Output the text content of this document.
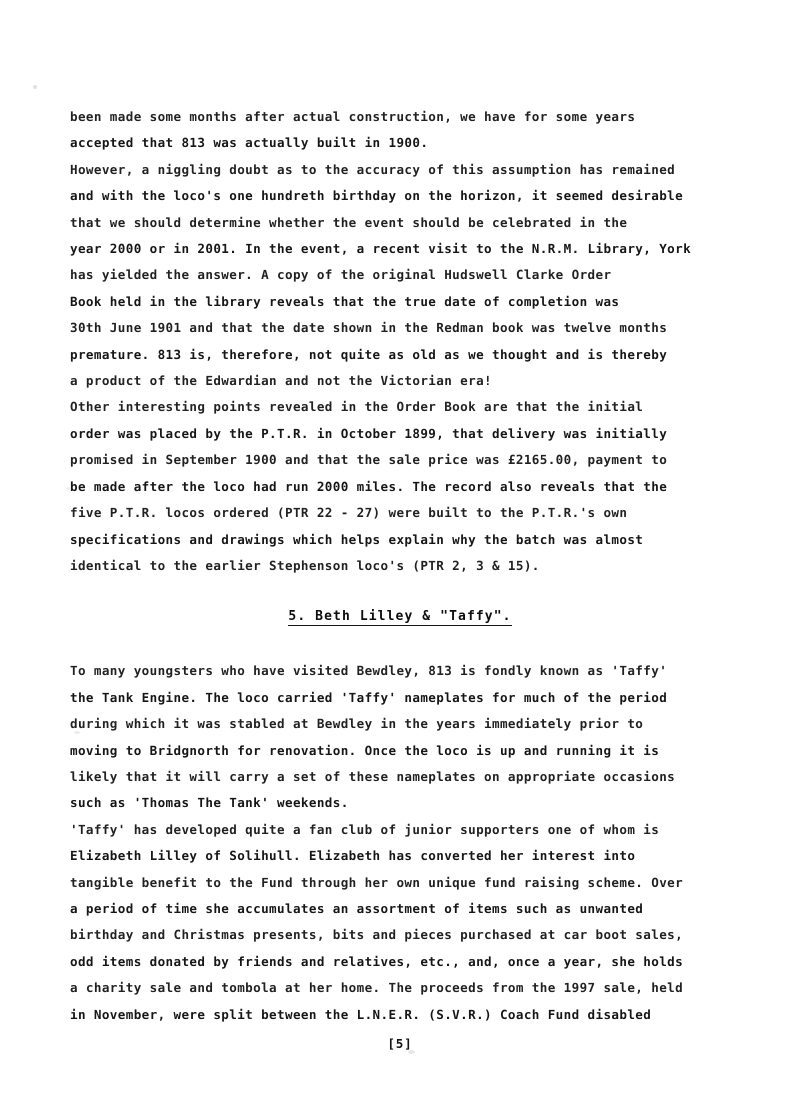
been made some months after actual construction, we have for some years
accepted that 813 was actually built in 1900.

However, a niggling doubt as to the accuracy of this assumption has remained
and with the loco's one hundreth birthday on the horizon, it seemed desirable
that we should determine whether the event should be celebrated in the
year 2000 or in 2001. In the event, a recent visit to the N.R.M. Library, York
has yielded the answer. A copy of the original Hudswell Clarke Order
Book held in the library reveals that the true date of completion was
30th June 1901 and that the date shown in the Redman book was twelve months
premature. 813 is, therefore, not quite as old as we thought and is thereby
a product of the Edwardian and not the Victorian era!

Other interesting points revealed in the Order Book are that the initial
order was placed by the P.T.R. in October 1899, that delivery was initially
promised in September 1900 and that the sale price was £2165.00, payment to
be made after the loco had run 2000 miles. The record also reveals that the
five P.T.R. locos ordered (PTR 22 - 27) were built to the P.T.R.'s own
specifications and drawings which helps explain why the batch was almost
identical to the earlier Stephenson loco's (PTR 2, 3 & 15).

5. Beth Lilley & "Taffy".

To many youngsters who have visited Bewdley, 813 is fondly known as 'Taffy'
the Tank Engine. The loco carried 'Taffy' nameplates for much of the period
during which it was stabled at Bewdley in the years immediately prior to
moving to Bridgnorth for renovation. Once the loco is up and running it is
likely that it will carry a set of these nameplates on appropriate occasions
such as 'Thomas The Tank' weekends.

'Taffy' has developed quite a fan club of junior supporters one of whom is
Elizabeth Lilley of Solihull. Elizabeth has converted her interest into
tangible benefit to the Fund through her own unique fund raising scheme. Over
a period of time she accumulates an assortment of items such as unwanted
birthday and Christmas presents, bits and pieces purchased at car boot sales,
odd items donated by friends and relatives, etc., and, once a year, she holds
a charity sale and tombola at her home. The proceeds from the 1997 sale, held
in November, were split between the L.N.E.R. (S.V.R.) Coach Fund disabled

[5]
